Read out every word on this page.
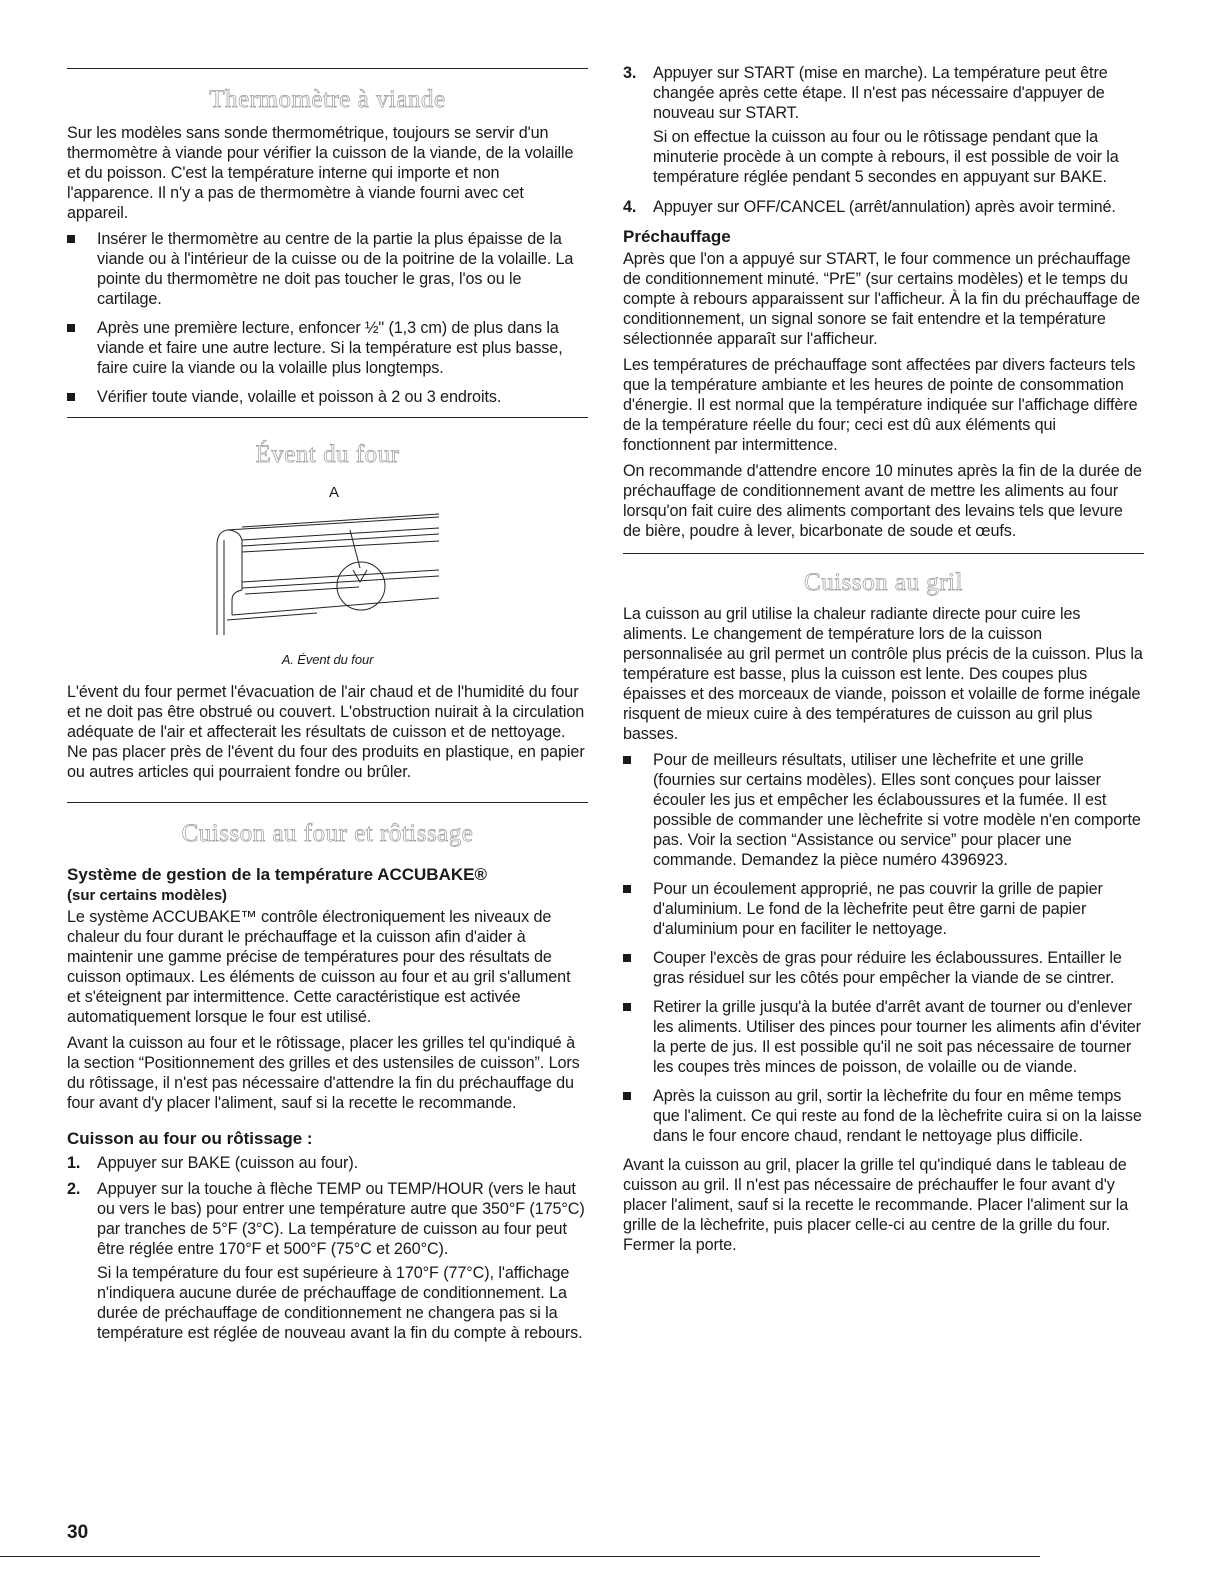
Thermomètre à viande

Sur les modèles sans sonde thermométrique, toujours se servir d'un thermomètre à viande pour vérifier la cuisson de la viande, de la volaille et du poisson. C'est la température interne qui importe et non l'apparence. Il n'y a pas de thermomètre à viande fourni avec cet appareil.

Insérer le thermomètre au centre de la partie la plus épaisse de la viande ou à l'intérieur de la cuisse ou de la poitrine de la volaille. La pointe du thermomètre ne doit pas toucher le gras, l'os ou le cartilage.
Après une première lecture, enfoncer ½" (1,3 cm) de plus dans la viande et faire une autre lecture. Si la température est plus basse, faire cuire la viande ou la volaille plus longtemps.
Vérifier toute viande, volaille et poisson à 2 ou 3 endroits.
Évent du four
A

A. Évent du four

L'évent du four permet l'évacuation de l'air chaud et de l'humidité du four et ne doit pas être obstrué ou couvert. L'obstruction nuirait à la circulation adéquate de l'air et affecterait les résultats de cuisson et de nettoyage. Ne pas placer près de l'évent du four des produits en plastique, en papier ou autres articles qui pourraient fondre ou brûler.

Cuisson au four et rôtissage
Système de gestion de la température ACCUBAKE®
(sur certains modèles)

Le système ACCUBAKE™ contrôle électroniquement les niveaux de chaleur du four durant le préchauffage et la cuisson afin d'aider à maintenir une gamme précise de températures pour des résultats de cuisson optimaux. Les éléments de cuisson au four et au gril s'allument et s'éteignent par intermittence. Cette caractéristique est activée automatiquement lorsque le four est utilisé.

Avant la cuisson au four et le rôtissage, placer les grilles tel qu'indiqué à la section “Positionnement des grilles et des ustensiles de cuisson”. Lors du rôtissage, il n'est pas nécessaire d'attendre la fin du préchauffage du four avant d'y placer l'aliment, sauf si la recette le recommande.

Cuisson au four ou rôtissage :
1. Appuyer sur BAKE (cuisson au four).
2. Appuyer sur la touche à flèche TEMP ou TEMP/HOUR (vers le haut ou vers le bas) pour entrer une température autre que 350°F (175°C) par tranches de 5°F (3°C). La température de cuisson au four peut être réglée entre 170°F et 500°F (75°C et 260°C).
Si la température du four est supérieure à 170°F (77°C), l'affichage n'indiquera aucune durée de préchauffage de conditionnement. La durée de préchauffage de conditionnement ne changera pas si la température est réglée de nouveau avant la fin du compte à rebours.
3. Appuyer sur START (mise en marche). La température peut être changée après cette étape. Il n'est pas nécessaire d'appuyer de nouveau sur START.
Si on effectue la cuisson au four ou le rôtissage pendant que la minuterie procède à un compte à rebours, il est possible de voir la température réglée pendant 5 secondes en appuyant sur BAKE.
4. Appuyer sur OFF/CANCEL (arrêt/annulation) après avoir terminé.
Préchauffage

Après que l'on a appuyé sur START, le four commence un préchauffage de conditionnement minuté. “PrE” (sur certains modèles) et le temps du compte à rebours apparaissent sur l'afficheur. À la fin du préchauffage de conditionnement, un signal sonore se fait entendre et la température sélectionnée apparaît sur l'afficheur.

Les températures de préchauffage sont affectées par divers facteurs tels que la température ambiante et les heures de pointe de consommation d'énergie. Il est normal que la température indiquée sur l'affichage diffère de la température réelle du four; ceci est dû aux éléments qui fonctionnent par intermittence.

On recommande d'attendre encore 10 minutes après la fin de la durée de préchauffage de conditionnement avant de mettre les aliments au four lorsqu'on fait cuire des aliments comportant des levains tels que levure de bière, poudre à lever, bicarbonate de soude et œufs.

Cuisson au gril

La cuisson au gril utilise la chaleur radiante directe pour cuire les aliments. Le changement de température lors de la cuisson personnalisée au gril permet un contrôle plus précis de la cuisson. Plus la température est basse, plus la cuisson est lente. Des coupes plus épaisses et des morceaux de viande, poisson et volaille de forme inégale risquent de mieux cuire à des températures de cuisson au gril plus basses.

Pour de meilleurs résultats, utiliser une lèchefrite et une grille (fournies sur certains modèles). Elles sont conçues pour laisser écouler les jus et empêcher les éclaboussures et la fumée. Il est possible de commander une lèchefrite si votre modèle n'en comporte pas. Voir la section “Assistance ou service” pour placer une commande. Demandez la pièce numéro 4396923.
Pour un écoulement approprié, ne pas couvrir la grille de papier d'aluminium. Le fond de la lèchefrite peut être garni de papier d'aluminium pour en faciliter le nettoyage.
Couper l'excès de gras pour réduire les éclaboussures. Entailler le gras résiduel sur les côtés pour empêcher la viande de se cintrer.
Retirer la grille jusqu'à la butée d'arrêt avant de tourner ou d'enlever les aliments. Utiliser des pinces pour tourner les aliments afin d'éviter la perte de jus. Il est possible qu'il ne soit pas nécessaire de tourner les coupes très minces de poisson, de volaille ou de viande.
Après la cuisson au gril, sortir la lèchefrite du four en même temps que l'aliment. Ce qui reste au fond de la lèchefrite cuira si on la laisse dans le four encore chaud, rendant le nettoyage plus difficile.

Avant la cuisson au gril, placer la grille tel qu'indiqué dans le tableau de cuisson au gril. Il n'est pas nécessaire de préchauffer le four avant d'y placer l'aliment, sauf si la recette le recommande. Placer l'aliment sur la grille de la lèchefrite, puis placer celle-ci au centre de la grille du four. Fermer la porte.

30
